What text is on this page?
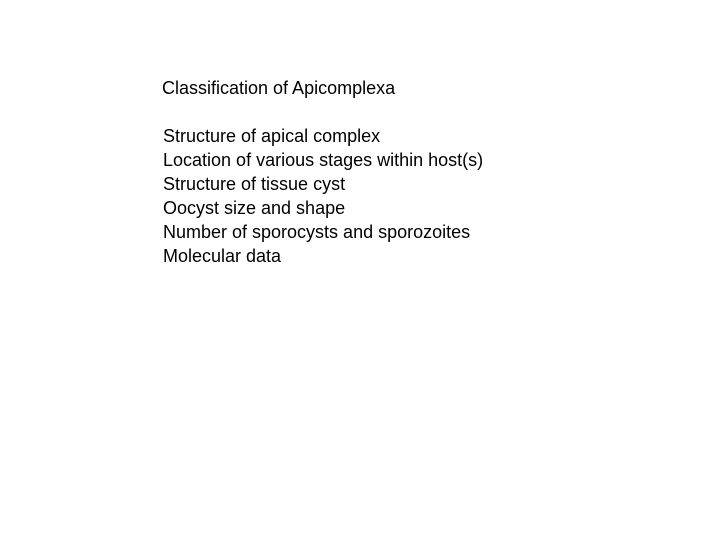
Classification of Apicomplexa
Structure of apical complex
Location of various stages within host(s)
Structure of tissue cyst
Oocyst size and shape
Number of sporocysts and sporozoites
Molecular data
